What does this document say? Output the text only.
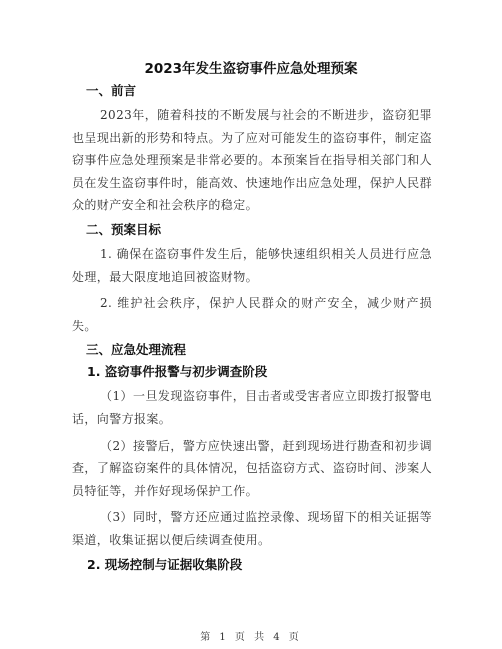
2023年发生盗窃事件应急处理预案
一、前言

2023年，随着科技的不断发展与社会的不断进步，盗窃犯罪也呈现出新的形势和特点。为了应对可能发生的盗窃事件，制定盗窃事件应急处理预案是非常必要的。本预案旨在指导相关部门和人员在发生盗窃事件时，能高效、快速地作出应急处理，保护人民群众的财产安全和社会秩序的稳定。

二、预案目标

1. 确保在盗窃事件发生后，能够快速组织相关人员进行应急处理，最大限度地追回被盗财物。

2. 维护社会秩序，保护人民群众的财产安全，减少财产损失。

三、应急处理流程
1. 盗窃事件报警与初步调查阶段

（1）一旦发现盗窃事件，目击者或受害者应立即拨打报警电话，向警方报案。

（2）接警后，警方应快速出警，赶到现场进行勘查和初步调查，了解盗窃案件的具体情况，包括盗窃方式、盗窃时间、涉案人员特征等，并作好现场保护工作。

（3）同时，警方还应通过监控录像、现场留下的相关证据等渠道，收集证据以便后续调查使用。

2. 现场控制与证据收集阶段
第 1 页 共 4 页
